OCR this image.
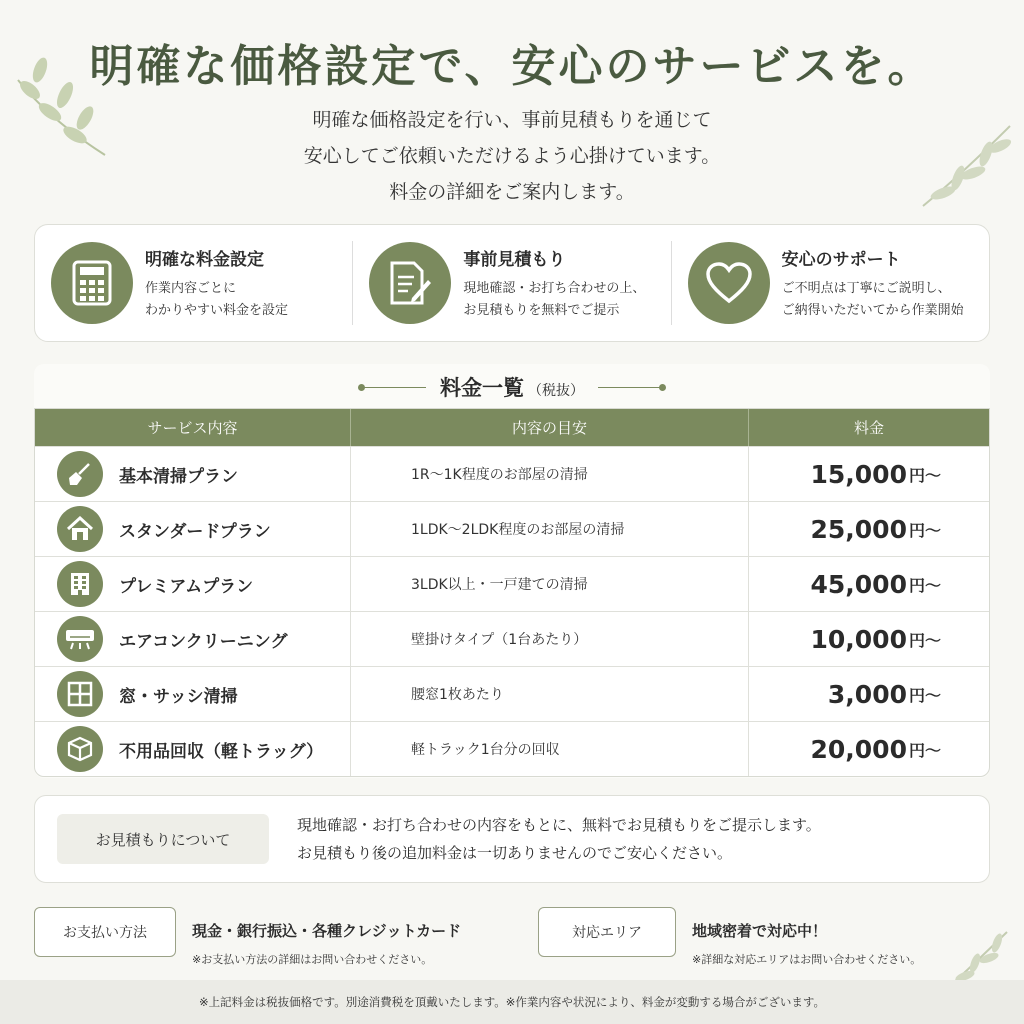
明確な価格設定で、安心のサービスを。
明確な価格設定を行い、事前見積もりを通じて
安心してご依頼いただけるよう心掛けています。
料金の詳細をご案内します。
明確な料金設定
作業内容ごとに
わかりやすい料金を設定
事前見積もり
現地確認・お打ち合わせの上、
お見積もりを無料でご提示
安心のサポート
ご不明点は丁寧にご説明し、
ご納得いただいてから作業開始
料金一覧 （税抜）
サービス内容	内容の目安	料金
基本清掃プラン	1R～1K程度のお部屋の清掃	15,000 円～
スタンダードプラン	1LDK～2LDK程度のお部屋の清掃	25,000 円～
プレミアムプラン	3LDK以上・一戸建ての清掃	45,000 円～
エアコンクリーニング	壁掛けタイプ（1台あたり）	10,000 円～
窓・サッシ清掃	腰窓1枚あたり	3,000 円～
不用品回収（軽トラッグ）	軽トラック1台分の回収	20,000 円～
お見積もりについて
現地確認・お打ち合わせの内容をもとに、無料でお見積もりをご提示します。
お見積もり後の追加料金は一切ありませんのでご安心ください。
お支払い方法	現金・銀行振込・各種クレジットカード
※お支払い方法の詳細はお問い合わせください。
対応エリア	地域密着で対応中！
※詳細な対応エリアはお問い合わせください。
※上記料金は税抜価格です。別途消費税を頂戴いたします。※作業内容や状況により、料金が変動する場合がございます。
